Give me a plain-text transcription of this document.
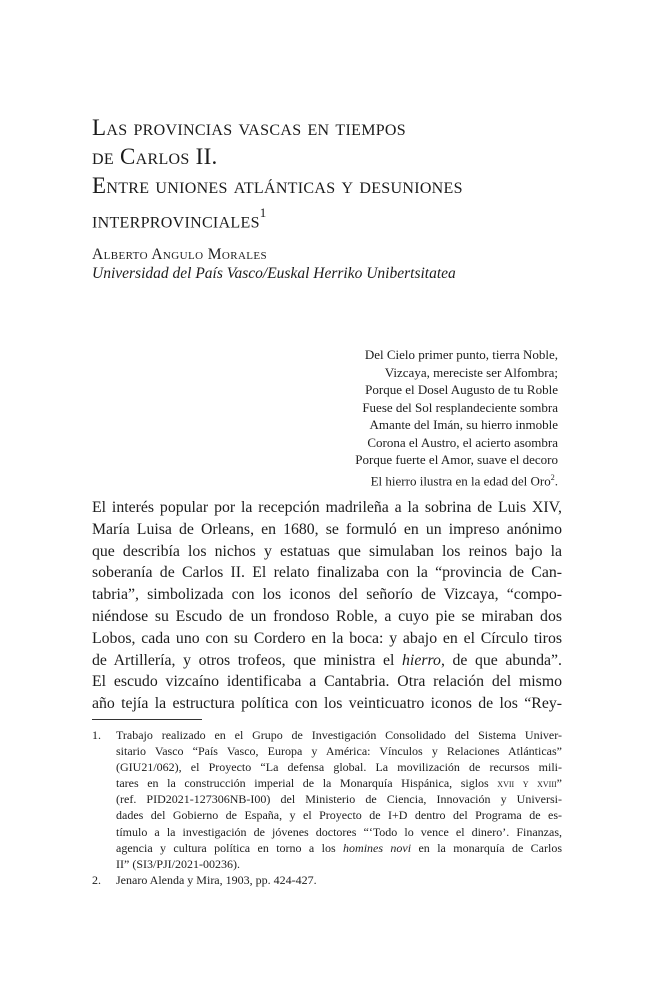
Las provincias vascas en tiempos
de Carlos II.
Entre uniones atlánticas y desuniones
interprovinciales$^1$
Alberto Angulo Morales
Universidad del País Vasco/Euskal Herriko Unibertsitatea
Del Cielo primer punto, tierra Noble,
Vizcaya, mereciste ser Alfombra;
Porque el Dosel Augusto de tu Roble
Fuese del Sol resplandeciente sombra
Amante del Imán, su hierro inmoble
Corona el Austro, el acierto asombra
Porque fuerte el Amor, suave el decoro
El hierro ilustra en la edad del Oro$^2$.

El interés popular por la recepción madrileña a la sobrina de Luis XIV,
María Luisa de Orleans, en 1680, se formuló en un impreso anónimo
que describía los nichos y estatuas que simulaban los reinos bajo la
soberanía de Carlos II. El relato finalizaba con la “provincia de Can-
tabria”, simbolizada con los iconos del señorío de Vizcaya, “compo-
niéndose su Escudo de un frondoso Roble, a cuyo pie se miraban dos
Lobos, cada uno con su Cordero en la boca: y abajo en el Círculo tiros
de Artillería, y otros trofeos, que ministra el hierro, de que abunda”.
El escudo vizcaíno identificaba a Cantabria. Otra relación del mismo
año tejía la estructura política con los veinticuatro iconos de los “Rey-

1. Trabajo realizado en el Grupo de Investigación Consolidado del Sistema Univer-
sitario Vasco “País Vasco, Europa y América: Vínculos y Relaciones Atlánticas”
(GIU21/062), el Proyecto “La defensa global. La movilización de recursos mili-
tares en la construcción imperial de la Monarquía Hispánica, siglos xvii y xviii”
(ref. PID2021-127306NB-I00) del Ministerio de Ciencia, Innovación y Universi-
dades del Gobierno de España, y el Proyecto de I+D dentro del Programa de es-
tímulo a la investigación de jóvenes doctores “‘Todo lo vence el dinero’. Finanzas,
agencia y cultura política en torno a los homines novi en la monarquía de Carlos
II” (SI3/PJI/2021-00236).
2. Jenaro Alenda y Mira, 1903, pp. 424-427.
